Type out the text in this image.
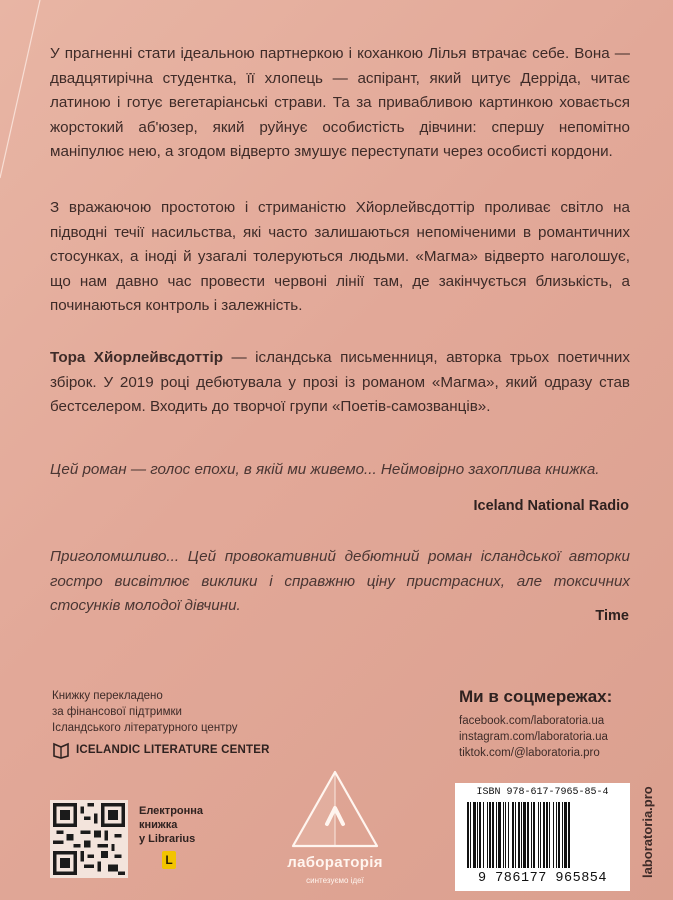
У прагненні стати ідеальною партнеркою і коханкою Лілья втрачає себе. Вона — двадцятирічна студентка, її хлопець — аспірант, який цитує Дерріда, читає латиною і готує вегетаріанські страви. Та за привабливою картинкою ховається жорстокий аб'юзер, який руйнує особистість дівчини: спершу непомітно маніпулює нею, а згодом відверто змушує переступати через особисті кордони.

З вражаючою простотою і стриманістю Хйорлейвсдоттір проливає світло на підводні течії насильства, які часто залишаються непоміченими в романтичних стосунках, а іноді й узагалі толеруються людьми. «Магма» відверто наголошує, що нам давно час провести червоні лінії там, де закінчується близькість, а починаються контроль і залежність.

Тора Хйорлейвсдоттір — ісландська письменниця, авторка трьох поетичних збірок. У 2019 році дебютувала у прозі із романом «Магма», який одразу став бестселером. Входить до творчої групи «Поетів-самозванців».

Цей роман — голос епохи, в якій ми живемо... Неймовірно захоплива книжка.

Iceland National Radio

Приголомшливо... Цей провокативний дебютний роман ісландської авторки гостро висвітлює виклики і справжню ціну пристрасних, але токсичних стосунків молодої дівчини.

Time
Книжку перекладено
за фінансової підтримки
Ісландського літературного центру
ICELANDIC LITERATURE CENTER
Електронна
книжка
у Librarius
L	лабораторія
синтезуємо ідеї
Ми в соцмережах:
facebook.com/laboratoria.ua
instagram.com/laboratoria.ua
tiktok.com/@laboratoria.pro
ISBN 978-617-7965-85-4
9 786177 965854
laboratoria.pro
